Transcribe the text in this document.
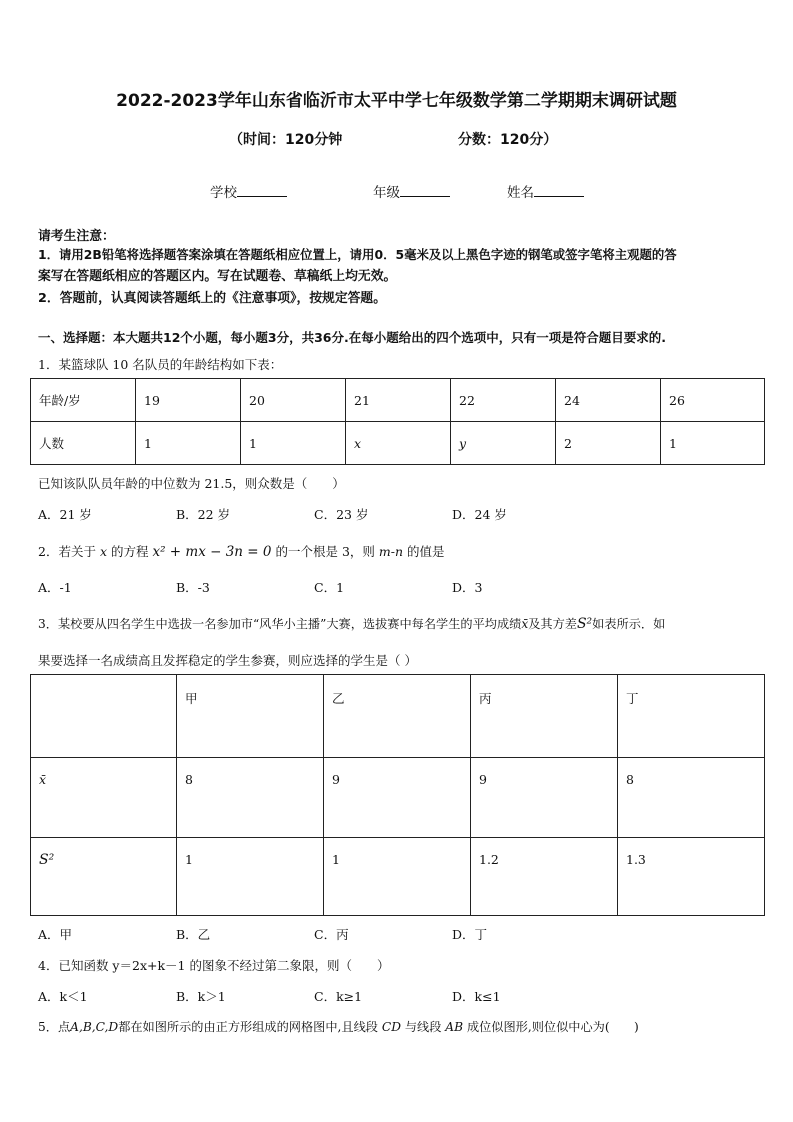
2022-2023学年山东省临沂市太平中学七年级数学第二学期期末调研试题
（时间：120分钟	分数：120分）
学校	年级	姓名
请考生注意：
1．请用2B铅笔将选择题答案涂填在答题纸相应位置上，请用0．5毫米及以上黑色字迹的钢笔或签字笔将主观题的答
案写在答题纸相应的答题区内。写在试题卷、草稿纸上均无效。
2．答题前，认真阅读答题纸上的《注意事项》，按规定答题。
一、选择题：本大题共12个小题，每小题3分，共36分.在每小题给出的四个选项中，只有一项是符合题目要求的.
1．某篮球队 10 名队员的年龄结构如下表：
年龄/岁	19	20	21	22	24	26
人数	1	1	x	y	2	1
已知该队队员年龄的中位数为 21.5，则众数是（　　）
A．21 岁	B．22 岁	C．23 岁	D．24 岁
2．若关于 x 的方程 x² + mx − 3n = 0 的一个根是 3，则 m-n 的值是
A．-1	B．-3	C．1	D．3
3．某校要从四名学生中选拔一名参加市“风华小主播”大赛，选拔赛中每名学生的平均成绩x̄及其方差S²如表所示．如
果要选择一名成绩高且发挥稳定的学生参赛，则应选择的学生是（ ）
	甲	乙	丙	丁
x̄	8	9	9	8
S²	1	1	1.2	1.3
A．甲	B．乙	C．丙	D．丁
4．已知函数 y＝2x+k－1 的图象不经过第二象限，则（　　）
A．k＜1	B．k＞1	C．k≥1	D．k≤1
5．点A,B,C,D都在如图所示的由正方形组成的网格图中,且线段 CD 与线段 AB 成位似图形,则位似中心为(　　)
